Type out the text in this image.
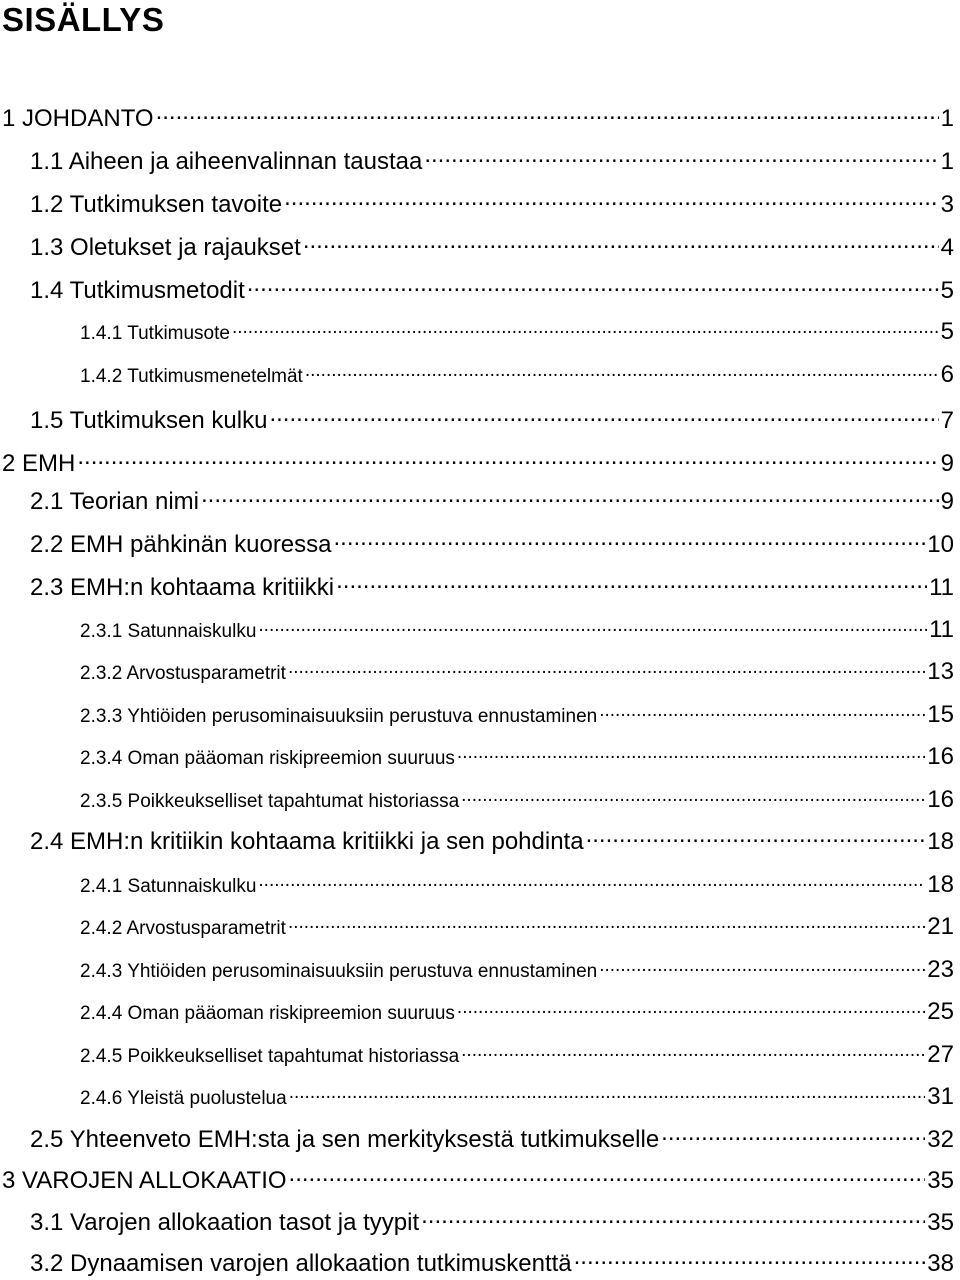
SISÄLLYS
1 JOHDANTO .....	1
1.1 Aiheen ja aiheenvalinnan taustaa .....	1
1.2 Tutkimuksen tavoite .....	3
1.3 Oletukset ja rajaukset .....	4
1.4 Tutkimusmetodit .....	5
1.4.1 Tutkimusote .....	5
1.4.2 Tutkimusmenetelmät .....	6
1.5 Tutkimuksen kulku .....	7
2 EMH .....	9
2.1 Teorian nimi .....	9
2.2 EMH pähkinän kuoressa .....	10
2.3 EMH:n kohtaama kritiikki .....	11
2.3.1 Satunnaiskulku .....	11
2.3.2 Arvostusparametrit .....	13
2.3.3 Yhtiöiden perusominaisuuksiin perustuva ennustaminen .....	15
2.3.4 Oman pääoman riskipreemion suuruus .....	16
2.3.5 Poikkeukselliset tapahtumat historiassa .....	16
2.4 EMH:n kritiikin kohtaama kritiikki ja sen pohdinta .....	18
2.4.1 Satunnaiskulku .....	18
2.4.2 Arvostusparametrit .....	21
2.4.3 Yhtiöiden perusominaisuuksiin perustuva ennustaminen .....	23
2.4.4 Oman pääoman riskipreemion suuruus .....	25
2.4.5 Poikkeukselliset tapahtumat historiassa .....	27
2.4.6 Yleistä puolustelua .....	31
2.5 Yhteenveto EMH:sta ja sen merkityksestä tutkimukselle .....	32
3 VAROJEN ALLOKAATIO .....	35
3.1 Varojen allokaation tasot ja tyypit .....	35
3.2 Dynaamisen varojen allokaation tutkimuskenttä .....	38
